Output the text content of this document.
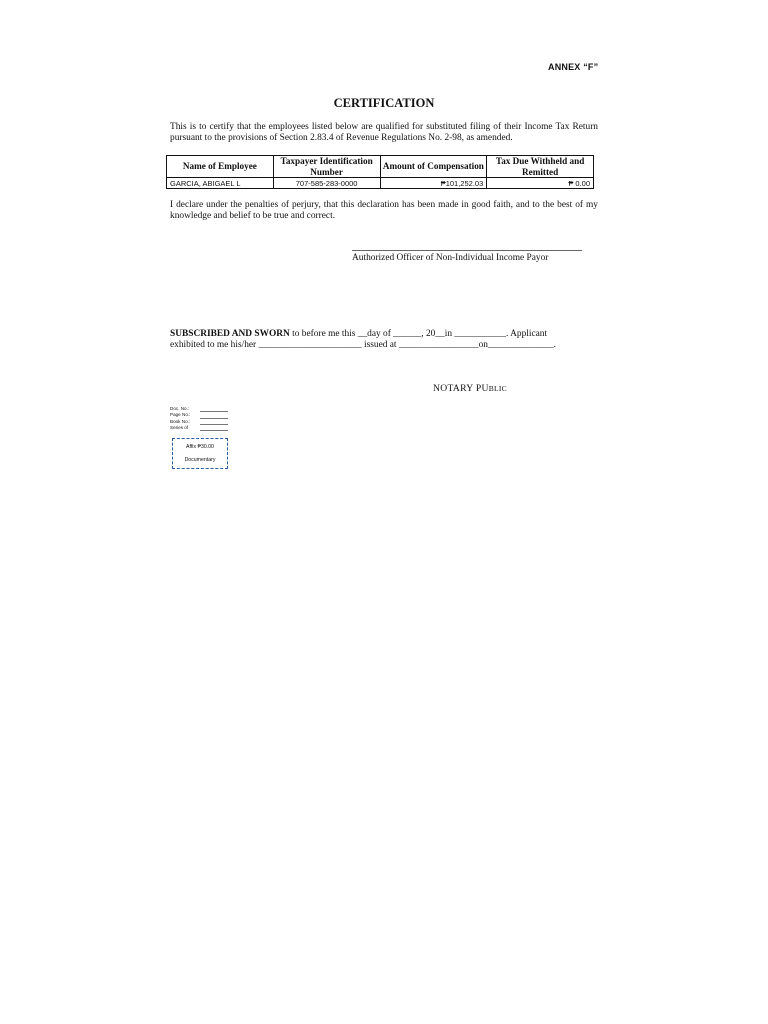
ANNEX “F”
CERTIFICATION
This is to certify that the employees listed below are qualified for substituted filing of their Income Tax Return pursuant to the provisions of Section 2.83.4 of Revenue Regulations No. 2-98, as amended.
Name of Employee	Taxpayer Identification Number	Amount of Compensation	Tax Due Withheld and Remitted
GARCIA, ABIGAEL L	707-585-283-0000	₱101,252.03	₱ 0.00
I declare under the penalties of perjury, that this declaration has been made in good faith, and to the best of my knowledge and belief to be true and correct.
Authorized Officer of Non-Individual Income Payor
SUBSCRIBED AND SWORN to before me this __day of ______, 20__in ___________. Applicant
exhibited to me his/her ______________________ issued at _________________on______________.
NOTARY PUBLIC
Doc. No.:
Page No.:
Book No.:
Series of
Affix ₱30.00
Documentary
